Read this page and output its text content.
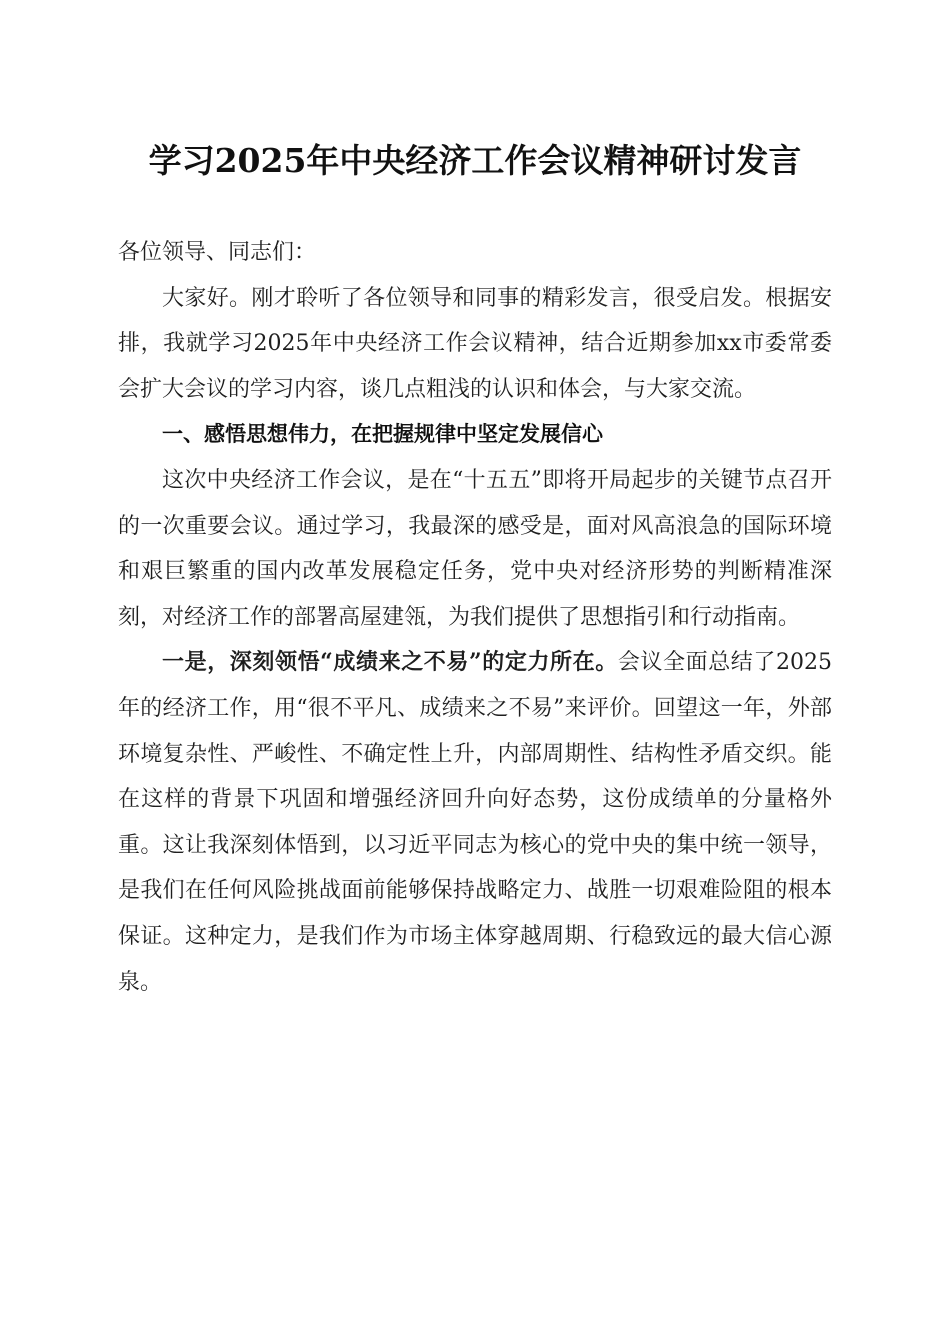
学习2025年中央经济工作会议精神研讨发言

各位领导、同志们：

大家好。刚才聆听了各位领导和同事的精彩发言，很受启发。根据安排，我就学习2025年中央经济工作会议精神，结合近期参加xx市委常委会扩大会议的学习内容，谈几点粗浅的认识和体会，与大家交流。

一、感悟思想伟力，在把握规律中坚定发展信心

这次中央经济工作会议，是在“十五五”即将开局起步的关键节点召开的一次重要会议。通过学习，我最深的感受是，面对风高浪急的国际环境和艰巨繁重的国内改革发展稳定任务，党中央对经济形势的判断精准深刻，对经济工作的部署高屋建瓴，为我们提供了思想指引和行动指南。

一是，深刻领悟“成绩来之不易”的定力所在。会议全面总结了2025年的经济工作，用“很不平凡、成绩来之不易”来评价。回望这一年，外部环境复杂性、严峻性、不确定性上升，内部周期性、结构性矛盾交织。能在这样的背景下巩固和增强经济回升向好态势，这份成绩单的分量格外重。这让我深刻体悟到，以习近平同志为核心的党中央的集中统一领导，是我们在任何风险挑战面前能够保持战略定力、战胜一切艰难险阻的根本保证。这种定力，是我们作为市场主体穿越周期、行稳致远的最大信心源泉。
